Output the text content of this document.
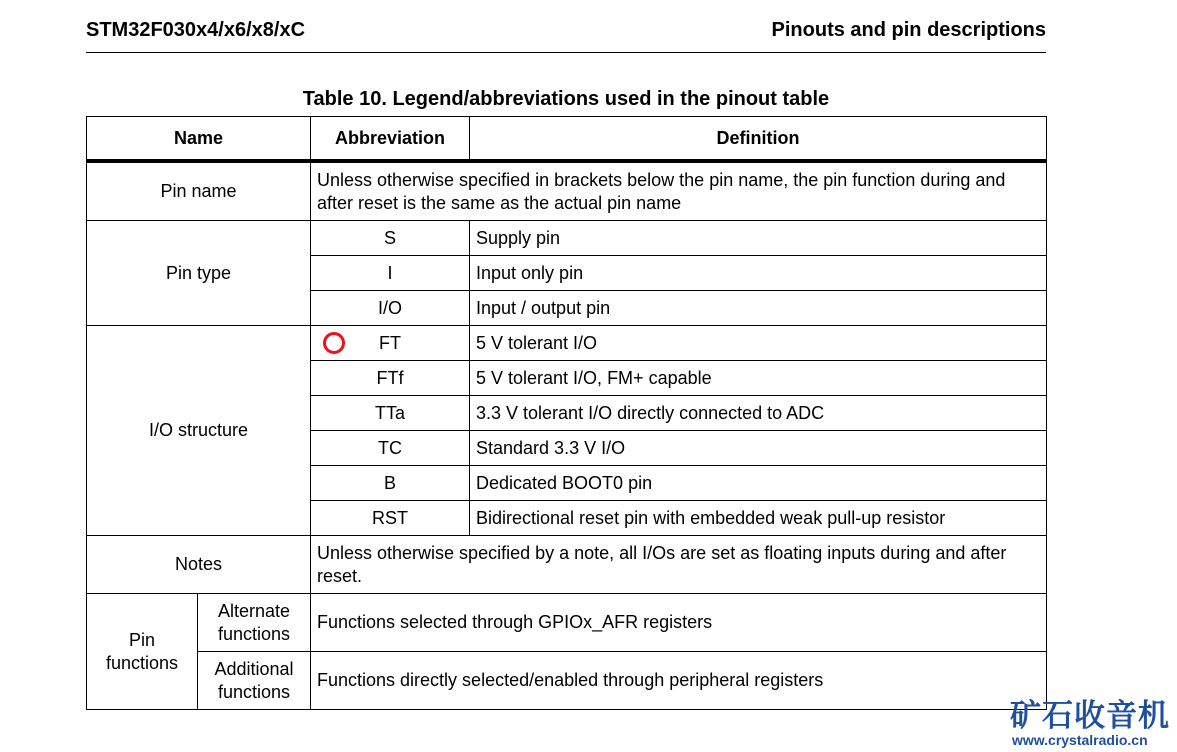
STM32F030x4/x6/x8/xC	Pinouts and pin descriptions
Table 10. Legend/abbreviations used in the pinout table
Name		Abbreviation	Definition
Pin name		Unless otherwise specified in brackets below the pin name, the pin function during and after reset is the same as the actual pin name	
Pin type		S	Supply pin
		I	Input only pin
		I/O	Input / output pin
I/O structure		FT	5 V tolerant I/O
		FTf	5 V tolerant I/O, FM+ capable
		TTa	3.3 V tolerant I/O directly connected to ADC
		TC	Standard 3.3 V I/O
		B	Dedicated BOOT0 pin
		RST	Bidirectional reset pin with embedded weak pull-up resistor
Notes		Unless otherwise specified by a note, all I/Os are set as floating inputs during and after reset.	
Pin functions	Alternate functions	Functions selected through GPIOx_AFR registers	
	Additional functions	Functions directly selected/enabled through peripheral registers	
矿石收音机
www.crystalradio.cn
